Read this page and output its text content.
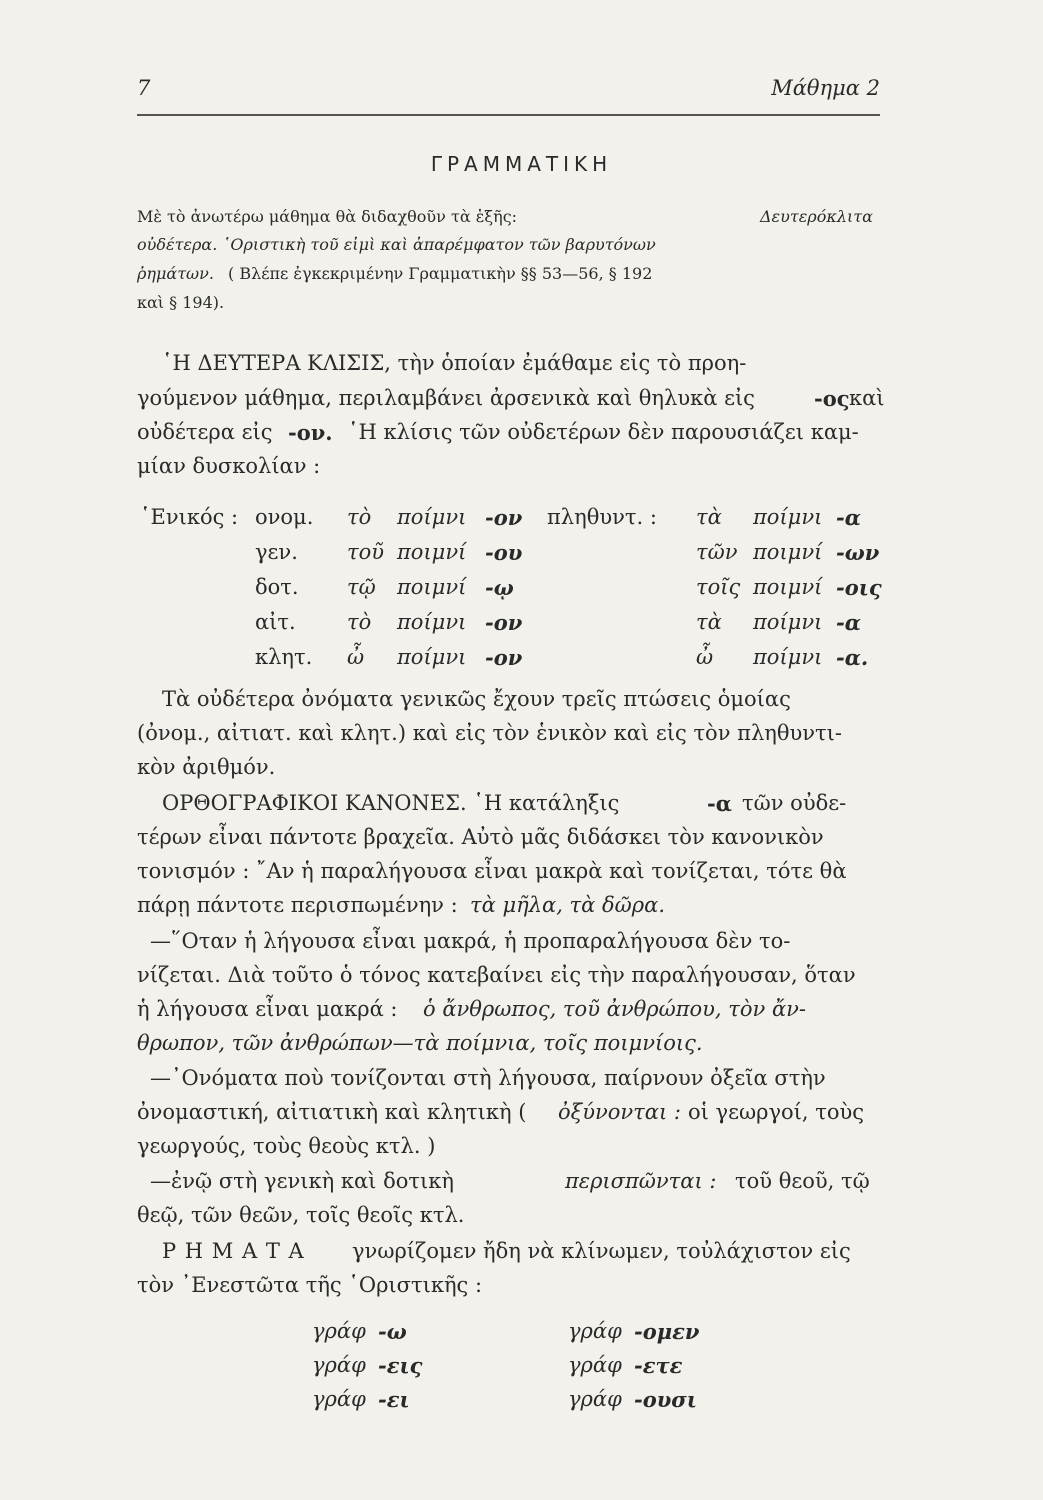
7	Μάθημα 2
ΓΡΑΜΜΑΤΙΚΗ
Μὲ τὸ ἀνωτέρω μάθημα θὰ διδαχθοῦν τὰ ἑξῆς:	Δευτερόκλιτα
οὐδέτερα. ῾Οριστικὴ τοῦ εἰμὶ καὶ ἀπαρέμφατον τῶν βαρυτόνων
ῥημάτων. ( Βλέπε ἐγκεκριμένην Γραμματικὴν §§ 53—56, § 192
καὶ § 194).
῾Η ΔΕΥΤΕΡΑ ΚΛΙΣΙΣ, τὴν ὁποίαν ἐμάθαμε εἰς τὸ προη-
γούμενον μάθημα, περιλαμβάνει ἀρσενικὰ καὶ θηλυκὰ εἰς	-ος καὶ
οὐδέτερα εἰς -ον. ῾Η κλίσις τῶν οὐδετέρων δὲν παρουσιάζει καμ-
μίαν δυσκολίαν :
῾Ενικός :	πληθυντ. :
ονομ. τὸ ποίμνι -ον	τὰ ποίμνι -α
γεν. τοῦ ποιμνί -ου	τῶν ποιμνί -ων
δοτ. τῷ ποιμνί -ῳ	τοῖς ποιμνί -οις
αἰτ. τὸ ποίμνι -ον	τὰ ποίμνι -α
κλητ. ὦ ποίμνι -ον	ὦ ποίμνι -α.
Τὰ οὐδέτερα ὀνόματα γενικῶς ἔχουν τρεῖς πτώσεις ὁμοίας
(ὀνομ., αἰτιατ. καὶ κλητ.) καὶ εἰς τὸν ἑνικὸν καὶ εἰς τὸν πληθυντι-
κὸν ἀριθμόν.
ΟΡΘΟΓΡΑΦΙΚΟΙ ΚΑΝΟΝΕΣ. ῾Η κατάληξις	-α τῶν οὐδε-
τέρων εἶναι πάντοτε βραχεῖα. Αὐτὸ μᾶς διδάσκει τὸν κανονικὸν
τονισμόν : ῎Αν ἡ παραλήγουσα εἶναι μακρὰ καὶ τονίζεται, τότε θὰ
πάρῃ πάντοτε περισπωμένην : τὰ μῆλα, τὰ δῶρα.
—῞Οταν ἡ λήγουσα εἶναι μακρά, ἡ προπαραλήγουσα δὲν το-
νίζεται. Διὰ τοῦτο ὁ τόνος κατεβαίνει εἰς τὴν παραλήγουσαν, ὅταν
ἡ λήγουσα εἶναι μακρά : ὁ ἄνθρωπος, τοῦ ἀνθρώπου, τὸν ἄν-
θρωπον, τῶν ἀνθρώπων—τὰ ποίμνια, τοῖς ποιμνίοις.
—᾿Ονόματα ποὺ τονίζονται στὴ λήγουσα, παίρνουν ὀξεῖα στὴν
ὀνομαστική, αἰτιατικὴ καὶ κλητικὴ ( ὀξύνονται : οἱ γεωργοί, τοὺς
γεωργούς, τοὺς θεοὺς κτλ. )
—ἐνῷ στὴ γενικὴ καὶ δοτικὴ	περισπῶνται : τοῦ θεοῦ, τῷ
θεῷ, τῶν θεῶν, τοῖς θεοῖς κτλ.
Ρ Η Μ Α Τ Α γνωρίζομεν ἤδη νὰ κλίνωμεν, τοὐλάχιστον εἰς
τὸν ᾿Ενεστῶτα τῆς ῾Οριστικῆς :
γράφ -ω	γράφ -ομεν
γράφ -εις	γράφ -ετε
γράφ -ει	γράφ -ουσι
